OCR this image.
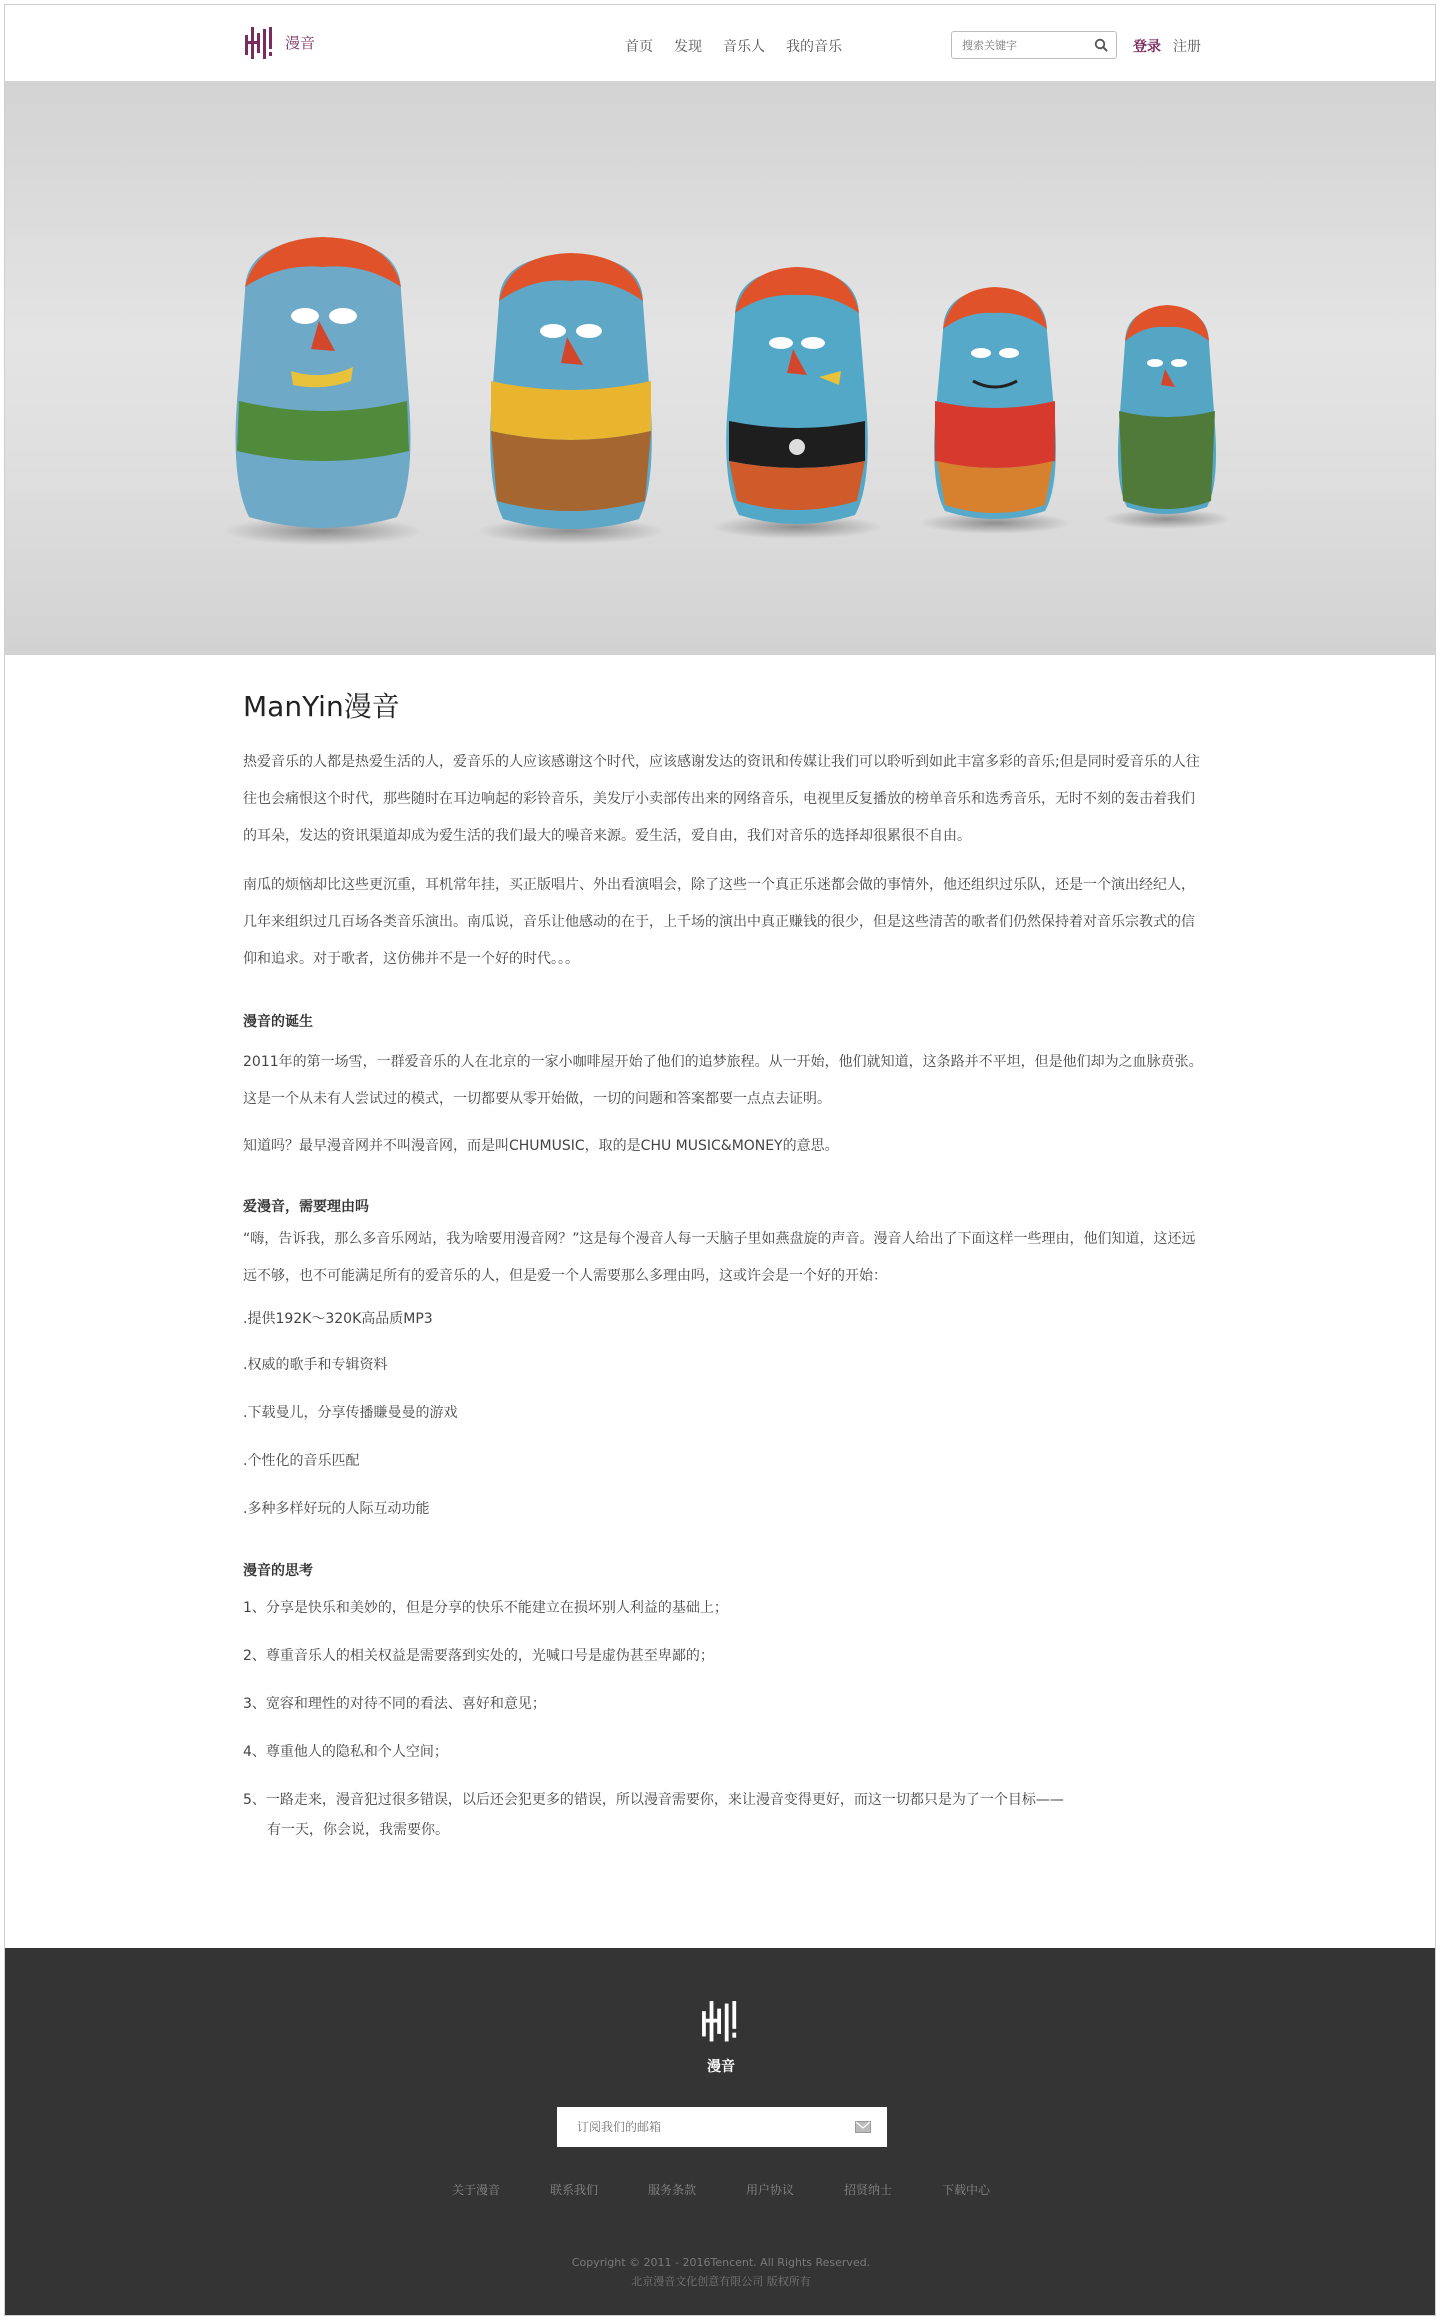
漫音	首页 发现 音乐人 我的音乐
搜索关键字	登录 注册
ManYin漫音

热爱音乐的人都是热爱生活的人，爱音乐的人应该感谢这个时代，应该感谢发达的资讯和传媒让我们可以聆听到如此丰富多彩的音乐;但是同时爱音乐的人往往也会痛恨这个时代，那些随时在耳边响起的彩铃音乐，美发厅小卖部传出来的网络音乐，电视里反复播放的榜单音乐和选秀音乐，无时不刻的轰击着我们的耳朵，发达的资讯渠道却成为爱生活的我们最大的噪音来源。爱生活，爱自由，我们对音乐的选择却很累很不自由。

南瓜的烦恼却比这些更沉重，耳机常年挂，买正版唱片、外出看演唱会，除了这些一个真正乐迷都会做的事情外，他还组织过乐队，还是一个演出经纪人，几年来组织过几百场各类音乐演出。南瓜说，音乐让他感动的在于，上千场的演出中真正赚钱的很少，但是这些清苦的歌者们仍然保持着对音乐宗教式的信仰和追求。对于歌者，这仿佛并不是一个好的时代。。。

漫音的诞生

2011年的第一场雪，一群爱音乐的人在北京的一家小咖啡屋开始了他们的追梦旅程。从一开始，他们就知道，这条路并不平坦，但是他们却为之血脉贲张。这是一个从未有人尝试过的模式，一切都要从零开始做，一切的问题和答案都要一点点去证明。

知道吗？最早漫音网并不叫漫音网，而是叫CHUMUSIC，取的是CHU MUSIC&MONEY的意思。

爱漫音，需要理由吗

“嗨，告诉我，那么多音乐网站，我为啥要用漫音网？”这是每个漫音人每一天脑子里如燕盘旋的声音。漫音人给出了下面这样一些理由，他们知道，这还远远不够，也不可能满足所有的爱音乐的人，但是爱一个人需要那么多理由吗，这或许会是一个好的开始：

.提供192K～320K高品质MP3

.权威的歌手和专辑资料

.下载曼儿，分享传播賺曼曼的游戏

.个性化的音乐匹配

.多种多样好玩的人际互动功能

漫音的思考

1、分享是快乐和美妙的，但是分享的快乐不能建立在损坏别人利益的基础上；

2、尊重音乐人的相关权益是需要落到实处的，光喊口号是虚伪甚至卑鄙的；

3、宽容和理性的对待不同的看法、喜好和意见；

4、尊重他人的隐私和个人空间；

5、一路走来，漫音犯过很多错误，以后还会犯更多的错误，所以漫音需要你，来让漫音变得更好，而这一切都只是为了一个目标——

有一天，你会说，我需要你。

漫音
订阅我们的邮箱
关于漫音	联系我们	服务条款	用户协议	招贤纳士	下载中心
Copyright © 2011 - 2016Tencent. All Rights Reserved.
北京漫音文化创意有限公司 版权所有
